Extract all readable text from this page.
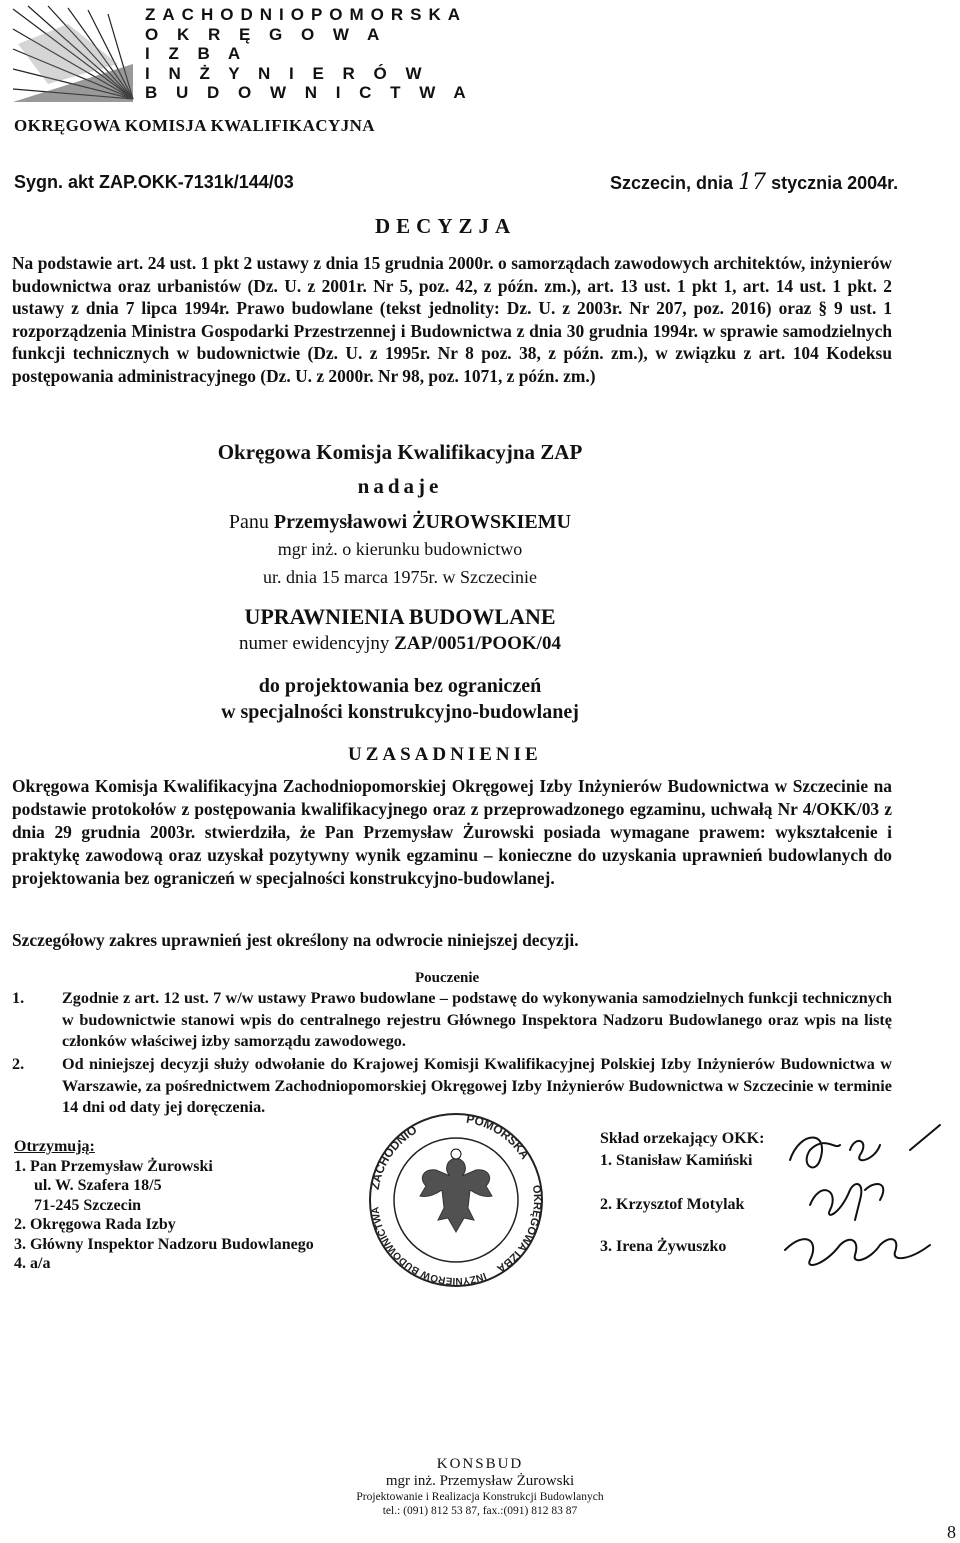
ZACHODNIOPOMORSKA
O K R Ę G O W A
I Z B A
I N Ż Y N I E R Ó W
B U D O W N I C T W A
OKRĘGOWA KOMISJA KWALIFIKACYJNA
Sygn. akt ZAP.OKK-7131k/144/03	Szczecin, dnia 17 stycznia 2004r.
DECYZJA
Na podstawie art. 24 ust. 1 pkt 2 ustawy z dnia 15 grudnia 2000r. o samorządach zawodowych architektów, inżynierów budownictwa oraz urbanistów (Dz. U. z 2001r. Nr 5, poz. 42, z późn. zm.), art. 13 ust. 1 pkt 1, art. 14 ust. 1 pkt. 2 ustawy z dnia 7 lipca 1994r. Prawo budowlane (tekst jednolity: Dz. U. z 2003r. Nr 207, poz. 2016) oraz § 9 ust. 1 rozporządzenia Ministra Gospodarki Przestrzennej i Budownictwa z dnia 30 grudnia 1994r. w sprawie samodzielnych funkcji technicznych w budownictwie (Dz. U. z 1995r. Nr 8 poz. 38, z późn. zm.), w związku z art. 104 Kodeksu postępowania administracyjnego (Dz. U. z 2000r. Nr 98, poz. 1071, z późn. zm.)
Okręgowa Komisja Kwalifikacyjna ZAP
nadaje
Panu Przemysławowi ŻUROWSKIEMU
mgr inż. o kierunku budownictwo
ur. dnia 15 marca 1975r. w Szczecinie
UPRAWNIENIA BUDOWLANE
numer ewidencyjny ZAP/0051/POOK/04
do projektowania bez ograniczeń
w specjalności konstrukcyjno-budowlanej
UZASADNIENIE
Okręgowa Komisja Kwalifikacyjna Zachodniopomorskiej Okręgowej Izby Inżynierów Budownictwa w Szczecinie na podstawie protokołów z postępowania kwalifikacyjnego oraz z przeprowadzonego egzaminu, uchwałą Nr 4/OKK/03 z dnia 29 grudnia 2003r. stwierdziła, że Pan Przemysław Żurowski posiada wymagane prawem: wykształcenie i praktykę zawodową oraz uzyskał pozytywny wynik egzaminu – konieczne do uzyskania uprawnień budowlanych do projektowania bez ograniczeń w specjalności konstrukcyjno-budowlanej.
Szczegółowy zakres uprawnień jest określony na odwrocie niniejszej decyzji.
Pouczenie
1.	Zgodnie z art. 12 ust. 7 w/w ustawy Prawo budowlane – podstawę do wykonywania samodzielnych funkcji technicznych w budownictwie stanowi wpis do centralnego rejestru Głównego Inspektora Nadzoru Budowlanego oraz wpis na listę członków właściwej izby samorządu zawodowego.
2.	Od niniejszej decyzji służy odwołanie do Krajowej Komisji Kwalifikacyjnej Polskiej Izby Inżynierów Budownictwa w Warszawie, za pośrednictwem Zachodniopomorskiej Okręgowej Izby Inżynierów Budownictwa w Szczecinie w terminie 14 dni od daty jej doręczenia.
Otrzymują:
1. Pan Przemysław Żurowski
ul. W. Szafera 18/5
71-245 Szczecin
2. Okręgowa Rada Izby
3. Główny Inspektor Nadzoru Budowlanego
4. a/a
ZACHODNIO
POMORSKA
OKRĘGOWA IZBA
INŻYNIERÓW BUDOWNICTWA
Skład orzekający OKK:
1. Stanisław Kamiński
2. Krzysztof Motylak
3. Irena Żywuszko
KONSBUD
mgr inż. Przemysław Żurowski
Projektowanie i Realizacja Konstrukcji Budowlanych
tel.: (091) 812 53 87, fax.:(091) 812 83 87
8
